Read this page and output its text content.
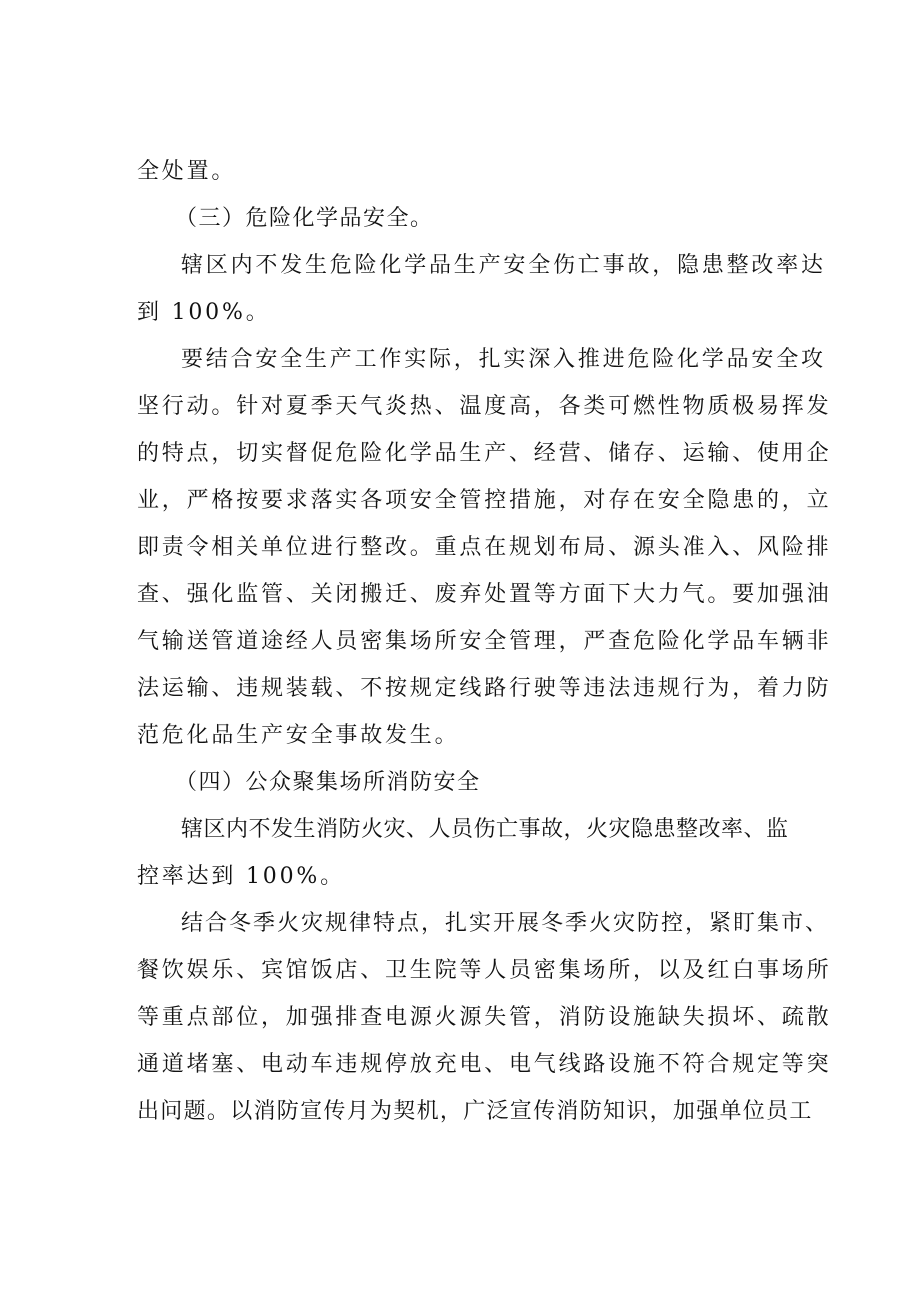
全处置。
（三）危险化学品安全。
辖区内不发生危险化学品生产安全伤亡事故，隐患整改率达
到 100%。
要结合安全生产工作实际，扎实深入推进危险化学品安全攻
坚行动。针对夏季天气炎热、温度高，各类可燃性物质极易挥发
的特点，切实督促危险化学品生产、经营、储存、运输、使用企
业，严格按要求落实各项安全管控措施，对存在安全隐患的，立
即责令相关单位进行整改。重点在规划布局、源头准入、风险排
查、强化监管、关闭搬迁、废弃处置等方面下大力气。要加强油
气输送管道途经人员密集场所安全管理，严查危险化学品车辆非
法运输、违规装载、不按规定线路行驶等违法违规行为，着力防
范危化品生产安全事故发生。
（四）公众聚集场所消防安全
辖区内不发生消防火灾、人员伤亡事故，火灾隐患整改率、监
控率达到 100%。
结合冬季火灾规律特点，扎实开展冬季火灾防控，紧盯集市、
餐饮娱乐、宾馆饭店、卫生院等人员密集场所，以及红白事场所
等重点部位，加强排查电源火源失管，消防设施缺失损坏、疏散
通道堵塞、电动车违规停放充电、电气线路设施不符合规定等突
出问题。以消防宣传月为契机，广泛宣传消防知识，加强单位员工
